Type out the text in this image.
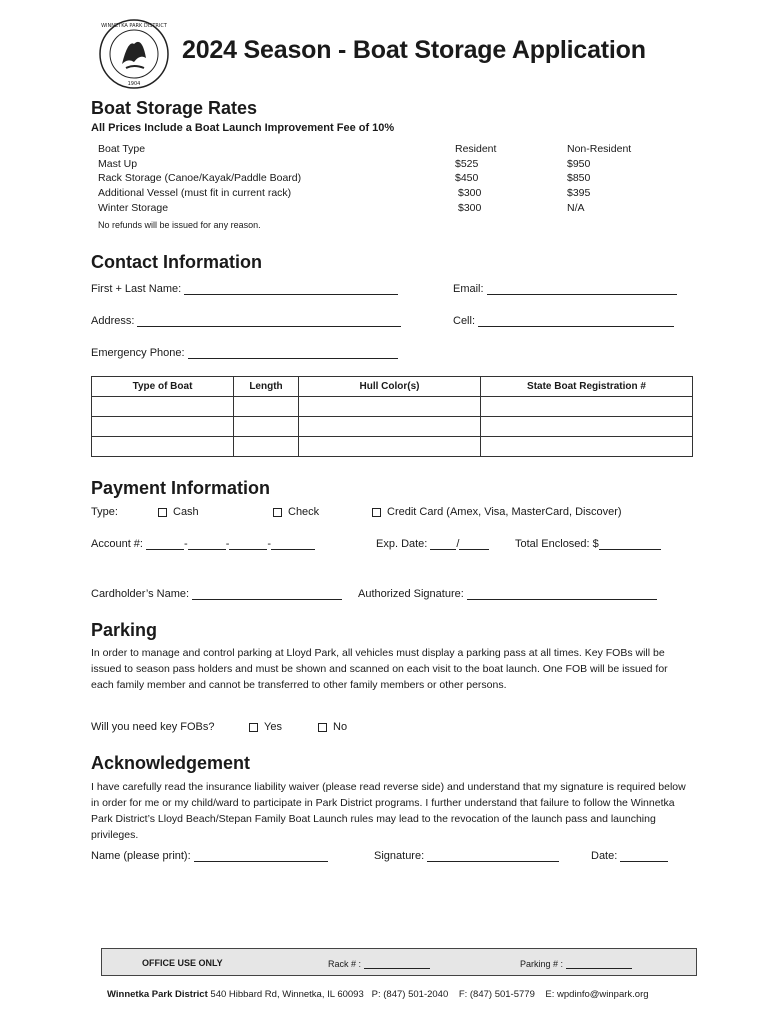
WINNETKA PARK DISTRICT
1904
2024 Season - Boat Storage Application
Boat Storage Rates
All Prices Include a Boat Launch Improvement Fee of 10%
Boat Type	Resident	Non-Resident
Mast Up	$525	$950
Rack Storage (Canoe/Kayak/Paddle Board)	$450	$850
Additional Vessel (must fit in current rack)	$300	$395
Winter Storage	$300	N/A
No refunds will be issued for any reason.
Contact Information
First + Last Name:	Email:
Address:	Cell:
Emergency Phone:
Type of Boat	Length	Hull Color(s)	State Boat Registration #

Payment Information
Type:	Cash	Check	Credit Card (Amex, Visa, MasterCard, Discover)
Account #:	-	-	-	Exp. Date:	/	Total Enclosed: $
Cardholder’s Name:	Authorized Signature:
Parking
In order to manage and control parking at Lloyd Park, all vehicles must display a parking pass at all times. Key FOBs will be issued to season pass holders and must be shown and scanned on each visit to the boat launch. One FOB will be issued for each family member and cannot be transferred to other family members or other persons.
Will you need key FOBs?	Yes	No
Acknowledgement
I have carefully read the insurance liability waiver (please read reverse side) and understand that my signature is required below in order for me or my child/ward to participate in Park District programs. I further understand that failure to follow the Winnetka Park District’s Lloyd Beach/Stepan Family Boat Launch rules may lead to the revocation of the launch pass and launching privileges.
Name (please print):	Signature:	Date:
OFFICE USE ONLY	Rack # :	Parking # :
Winnetka Park District 540 Hibbard Rd, Winnetka, IL 60093 P: (847) 501-2040 F: (847) 501-5779 E: wpdinfo@winpark.org
